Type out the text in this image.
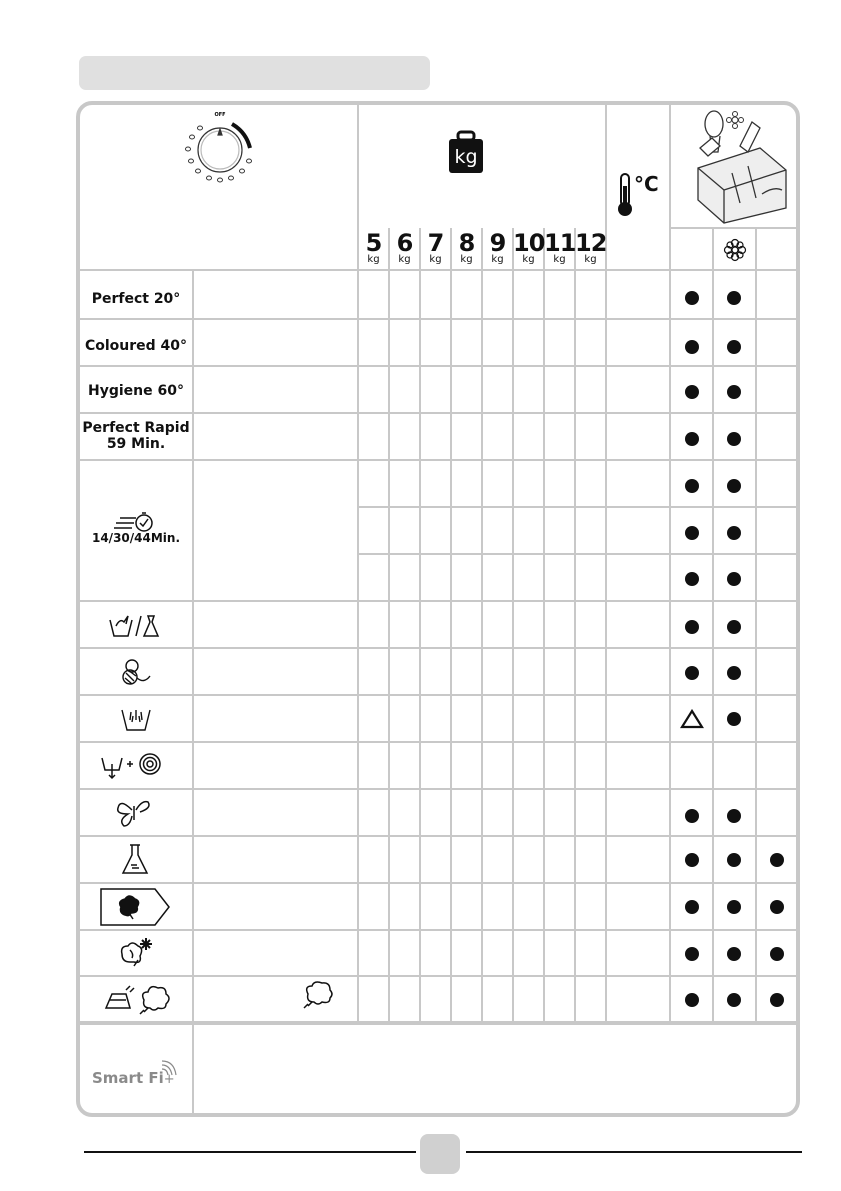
OFF
kg
5
kg
6
kg
7
kg
8
kg
9
kg
10
kg
11
kg
12
kg
°C
Perfect 20°
Coloured 40°
Hygiene 60°
Perfect Rapid
59 Min.
14/30/44Min.
Smart Fi+
